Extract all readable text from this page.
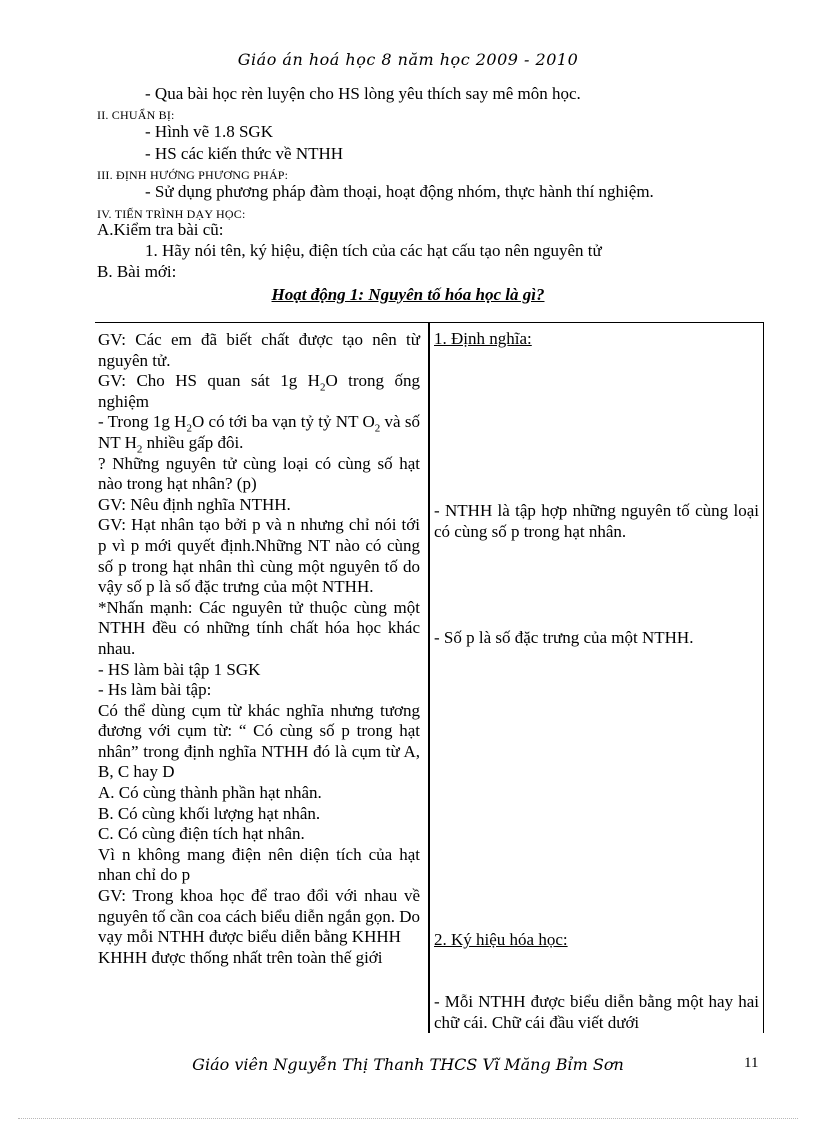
Giáo án hoá học 8 năm học 2009 - 2010
- Qua bài học rèn luyện cho HS lòng yêu thích say mê môn học.
II. CHUẨN BỊ:
- Hình vẽ 1.8 SGK
- HS các kiến thức về NTHH
III. ĐỊNH HƯỚNG PHƯƠNG PHÁP:
- Sử dụng phương pháp đàm thoại, hoạt động nhóm, thực hành thí nghiệm.
IV. TIẾN TRÌNH DẠY HỌC:
A.Kiểm tra bài cũ:
1. Hãy nói tên, ký hiệu, điện tích của các hạt cấu tạo nên nguyên tử
B. Bài mới:
Hoạt động 1: Nguyên tố hóa học là gì?

GV: Các em đã biết chất được tạo nên từ nguyên tử.

GV: Cho HS quan sát 1g $H_2O$ trong ống nghiệm

- Trong 1g $H_2O$ có tới ba vạn tỷ tỷ NT $O_2$ và số NT $H_2$ nhiều gấp đôi.

? Những nguyên tử cùng loại có cùng số hạt nào trong hạt nhân? (p)

GV: Nêu định nghĩa NTHH.

GV: Hạt nhân tạo bởi p và n nhưng chỉ nói tới p vì p mới quyết định.Những NT nào có cùng số p trong hạt nhân thì cùng một nguyên tố do vậy số p là số đặc trưng của một NTHH.

*Nhấn mạnh: Các nguyên tử thuộc cùng một NTHH đều có những tính chất hóa học khác nhau.

- HS làm bài tập 1 SGK

- Hs làm bài tập:

Có thể dùng cụm từ khác nghĩa nhưng tương đương với cụm từ: “ Có cùng số p trong hạt nhân” trong định nghĩa NTHH đó là cụm từ A, B, C hay D

A. Có cùng thành phần hạt nhân.

B. Có cùng khối lượng hạt nhân.

C. Có cùng điện tích hạt nhân.

Vì n không mang điện nên diện tích của hạt nhan chỉ do p

GV: Trong khoa học để trao đổi với nhau về nguyên tố cần coa cách biểu diễn ngắn gọn. Do vạy mỗi NTHH được biểu diễn bằng KHHH

KHHH được thống nhất trên toàn thế giới

1. Định nghĩa:

- NTHH là tập hợp những nguyên tố cùng loại có cùng số p trong hạt nhân.

- Số p là số đặc trưng của một NTHH.

2. Ký hiệu hóa học:

- Mỗi NTHH được biểu diễn bằng một hay hai chữ cái. Chữ cái đầu viết dưới

Giáo viên Nguyễn Thị Thanh THCS Vĩ Măng Bỉm Sơn	11
